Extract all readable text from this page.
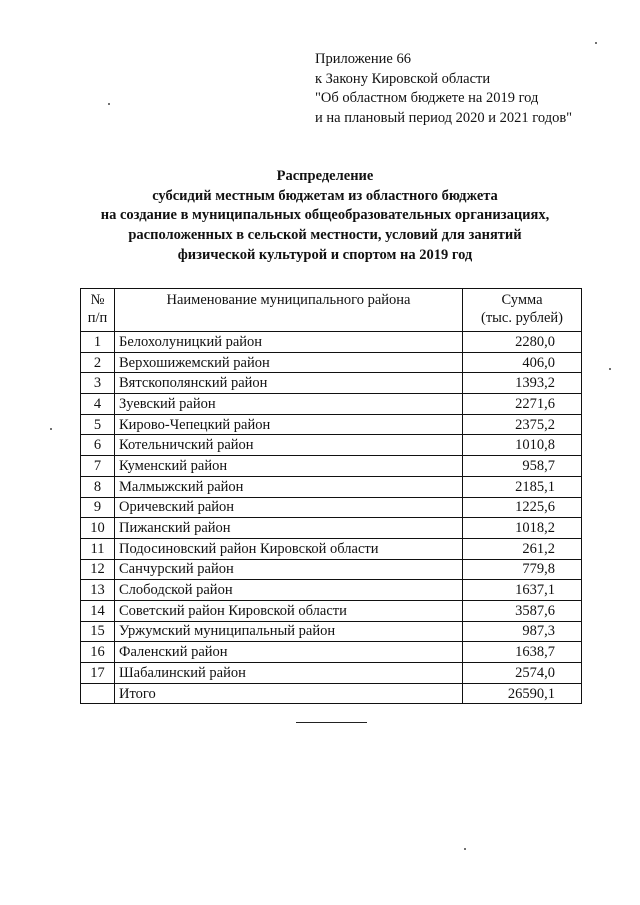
Приложение 66
к Закону Кировской области
"Об областном бюджете на 2019 год
и на плановый период 2020 и 2021 годов"
Распределение
субсидий местным бюджетам из областного бюджета
на создание в муниципальных общеобразовательных организациях,
расположенных в сельской местности, условий для занятий
физической культурой и спортом на 2019 год
№
п/п	Наименование муниципального района	Сумма
(тыс. рублей)
1	Белохолуницкий район	2280,0
2	Верхошижемский район	406,0
3	Вятскополянский район	1393,2
4	Зуевский район	2271,6
5	Кирово-Чепецкий район	2375,2
6	Котельничский район	1010,8
7	Куменский район	958,7
8	Малмыжский район	2185,1
9	Оричевский район	1225,6
10	Пижанский район	1018,2
11	Подосиновский район Кировской области	261,2
12	Санчурский район	779,8
13	Слободской район	1637,1
14	Советский район Кировской области	3587,6
15	Уржумский муниципальный район	987,3
16	Фаленский район	1638,7
17	Шабалинский район	2574,0
	Итого	26590,1
